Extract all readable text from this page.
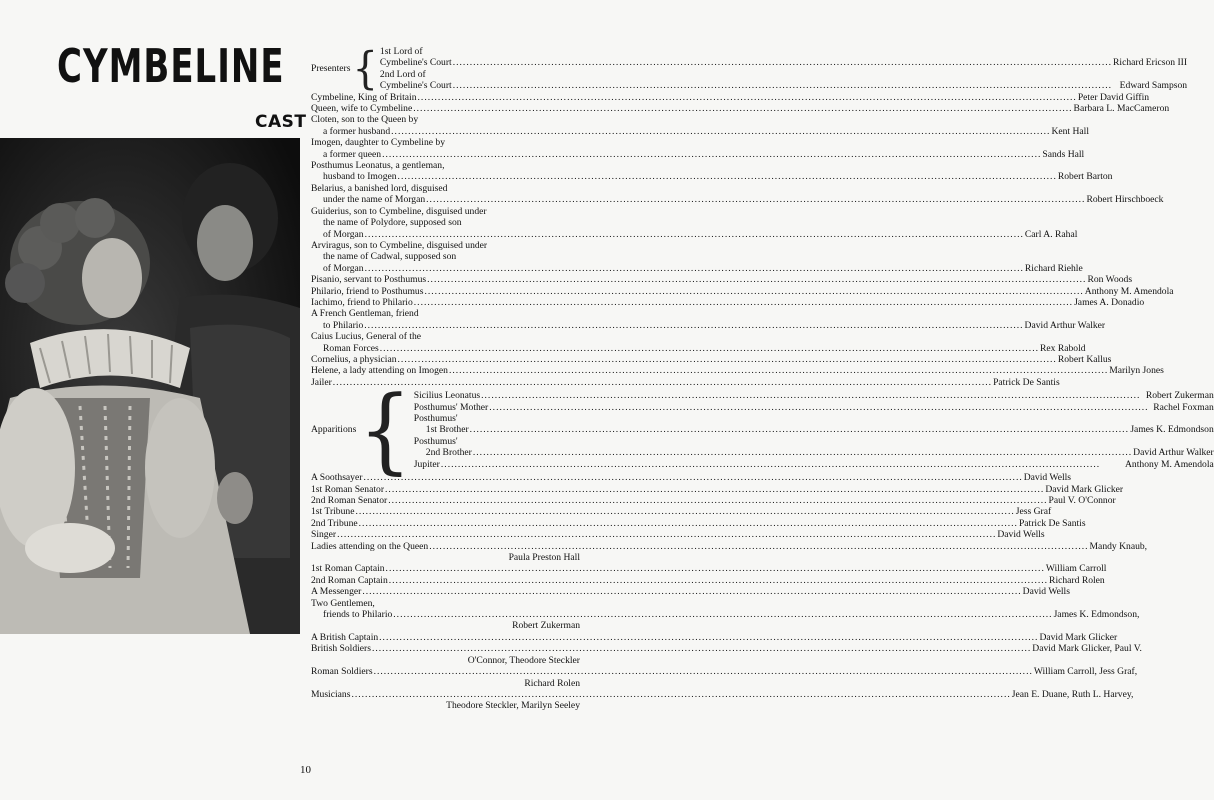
CYMBELINE
CAST
Presenters { 1st Lord of
Cymbeline's Court .....	Richard Ericson III
2nd Lord of
Cymbeline's Court .....	Edward Sampson
Cymbeline, King of Britain .....	Peter David Giffin
Queen, wife to Cymbeline .....	Barbara L. MacCameron
Cloten, son to the Queen by
a former husband .....	Kent Hall
Imogen, daughter to Cymbeline by
a former queen .....	Sands Hall
Posthumus Leonatus, a gentleman,
husband to Imogen .....	Robert Barton
Belarius, a banished lord, disguised
under the name of Morgan .....	Robert Hirschboeck
Guiderius, son to Cymbeline, disguised under
the name of Polydore, supposed son
of Morgan .....	Carl A. Rahal
Arviragus, son to Cymbeline, disguised under
the name of Cadwal, supposed son
of Morgan .....	Richard Riehle
Pisanio, servant to Posthumus .....	Ron Woods
Philario, friend to Posthumus .....	Anthony M. Amendola
Iachimo, friend to Philario .....	James A. Donadio
A French Gentleman, friend
to Philario .....	David Arthur Walker
Caius Lucius, General of the
Roman Forces .....	Rex Rabold
Cornelius, a physician .....	Robert Kallus
Helene, a lady attending on Imogen .....	Marilyn Jones
Jailer .....	Patrick De Santis
Apparitions { Sicilius Leonatus .....	Robert Zukerman
Posthumus' Mother .....	Rachel Foxman
Posthumus'
1st Brother .....	James K. Edmondson
Posthumus'
2nd Brother .....	David Arthur Walker
Jupiter .....	Anthony M. Amendola
A Soothsayer .....	David Wells
1st Roman Senator .....	David Mark Glicker
2nd Roman Senator .....	Paul V. O'Connor
1st Tribune .....	Jess Graf
2nd Tribune .....	Patrick De Santis
Singer .....	David Wells
Ladies attending on the Queen .....	Mandy Knaub,
Paula Preston Hall
1st Roman Captain .....	William Carroll
2nd Roman Captain .....	Richard Rolen
A Messenger .....	David Wells
Two Gentlemen,
friends to Philario .....	James K. Edmondson,
Robert Zukerman
A British Captain .....	David Mark Glicker
British Soldiers .....	David Mark Glicker, Paul V.
O'Connor, Theodore Steckler
Roman Soldiers .....	William Carroll, Jess Graf,
Richard Rolen
Musicians .....	Jean E. Duane, Ruth L. Harvey,
Theodore Steckler, Marilyn Seeley
10
